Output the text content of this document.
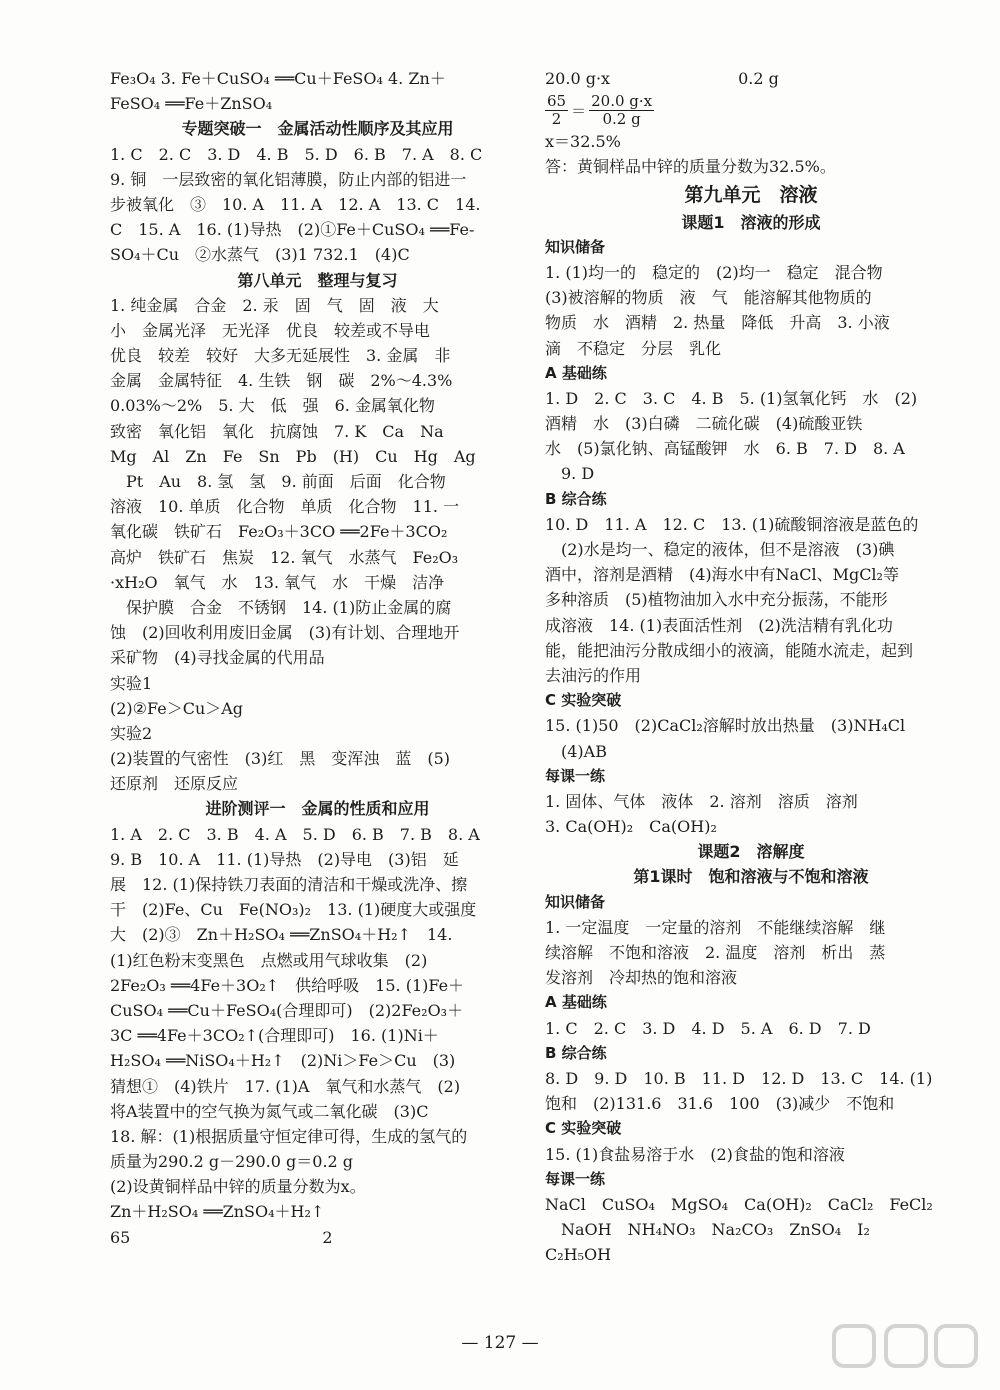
Fe₃O₄ 3. Fe＋CuSO₄ ══Cu＋FeSO₄ 4. Zn＋
FeSO₄ ══Fe＋ZnSO₄
专题突破一　金属活动性顺序及其应用
1. C　2. C　3. D　4. B　5. D　6. B　7. A　8. C
9. 铜　一层致密的氧化铝薄膜，防止内部的铝进一
步被氧化　③　10. A　11. A　12. A　13. C　14.
C　15. A　16. (1)导热　(2)①Fe＋CuSO₄ ══Fe-
SO₄＋Cu　②水蒸气　(3)1 732.1　(4)C
第八单元　整理与复习
1. 纯金属　合金　2. 汞　固　气　固　液　大
小　金属光泽　无光泽　优良　较差或不导电
优良　较差　较好　大多无延展性　3. 金属　非
金属　金属特征　4. 生铁　钢　碳　2%～4.3%
0.03%～2%　5. 大　低　强　6. 金属氧化物
致密　氧化铝　氧化　抗腐蚀　7. K　Ca　Na
Mg　Al　Zn　Fe　Sn　Pb　(H)　Cu　Hg　Ag
　Pt　Au　8. 氢　氢　9. 前面　后面　化合物
溶液　10. 单质　化合物　单质　化合物　11. 一
氧化碳　铁矿石　Fe₂O₃＋3CO ══2Fe＋3CO₂
高炉　铁矿石　焦炭　12. 氧气　水蒸气　Fe₂O₃
·xH₂O　氧气　水　13. 氧气　水　干燥　洁净
　保护膜　合金　不锈钢　14. (1)防止金属的腐
蚀　(2)回收利用废旧金属　(3)有计划、合理地开
采矿物　(4)寻找金属的代用品
实验1
(2)②Fe＞Cu＞Ag
实验2
(2)装置的气密性　(3)红　黑　变浑浊　蓝　(5)
还原剂　还原反应
进阶测评一　金属的性质和应用
1. A　2. C　3. B　4. A　5. D　6. B　7. B　8. A
9. B　10. A　11. (1)导热　(2)导电　(3)铝　延
展　12. (1)保持铁刀表面的清洁和干燥或洗净、擦
干　(2)Fe、Cu　Fe(NO₃)₂　13. (1)硬度大或强度
大　(2)③　Zn＋H₂SO₄ ══ZnSO₄＋H₂↑　14.
(1)红色粉末变黑色　点燃或用气球收集　(2)
2Fe₂O₃ ══4Fe＋3O₂↑　供给呼吸　15. (1)Fe＋
CuSO₄ ══Cu＋FeSO₄(合理即可)　(2)2Fe₂O₃＋
3C ══4Fe＋3CO₂↑(合理即可)　16. (1)Ni＋
H₂SO₄ ══NiSO₄＋H₂↑　(2)Ni＞Fe＞Cu　(3)
猜想①　(4)铁片　17. (1)A　氧气和水蒸气　(2)
将A装置中的空气换为氮气或二氧化碳　(3)C
18. 解：(1)根据质量守恒定律可得，生成的氢气的
质量为290.2 g－290.0 g＝0.2 g
(2)设黄铜样品中锌的质量分数为x。
Zn＋H₂SO₄ ══ZnSO₄＋H₂↑
65　　　　　　　　　　　　2
20.0 g·x　　　　　　　　0.2 g
65
2 ＝
20.0 g·x
0.2 g
x＝32.5%
答：黄铜样品中锌的质量分数为32.5%。
第九单元　溶液
课题1　溶液的形成
知识储备
1. (1)均一的　稳定的　(2)均一　稳定　混合物
(3)被溶解的物质　液　气　能溶解其他物质的
物质　水　酒精　2. 热量　降低　升高　3. 小液
滴　不稳定　分层　乳化
A 基础练
1. D　2. C　3. C　4. B　5. (1)氢氧化钙　水　(2)
酒精　水　(3)白磷　二硫化碳　(4)硫酸亚铁
水　(5)氯化钠、高锰酸钾　水　6. B　7. D　8. A
　9. D
B 综合练
10. D　11. A　12. C　13. (1)硫酸铜溶液是蓝色的
　(2)水是均一、稳定的液体，但不是溶液　(3)碘
酒中，溶剂是酒精　(4)海水中有NaCl、MgCl₂等
多种溶质　(5)植物油加入水中充分振荡，不能形
成溶液　14. (1)表面活性剂　(2)洗洁精有乳化功
能，能把油污分散成细小的液滴，能随水流走，起到
去油污的作用
C 实验突破
15. (1)50　(2)CaCl₂溶解时放出热量　(3)NH₄Cl
　(4)AB
每课一练
1. 固体、气体　液体　2. 溶剂　溶质　溶剂
3. Ca(OH)₂　Ca(OH)₂
课题2　溶解度
第1课时　饱和溶液与不饱和溶液
知识储备
1. 一定温度　一定量的溶剂　不能继续溶解　继
续溶解　不饱和溶液　2. 温度　溶剂　析出　蒸
发溶剂　冷却热的饱和溶液
A 基础练
1. C　2. C　3. D　4. D　5. A　6. D　7. D
B 综合练
8. D　9. D　10. B　11. D　12. D　13. C　14. (1)
饱和　(2)131.6　31.6　100　(3)减少　不饱和
C 实验突破
15. (1)食盐易溶于水　(2)食盐的饱和溶液
每课一练
NaCl　CuSO₄　MgSO₄　Ca(OH)₂　CaCl₂　FeCl₂
　NaOH　NH₄NO₃　Na₂CO₃　ZnSO₄　I₂
C₂H₅OH
— 127 —
